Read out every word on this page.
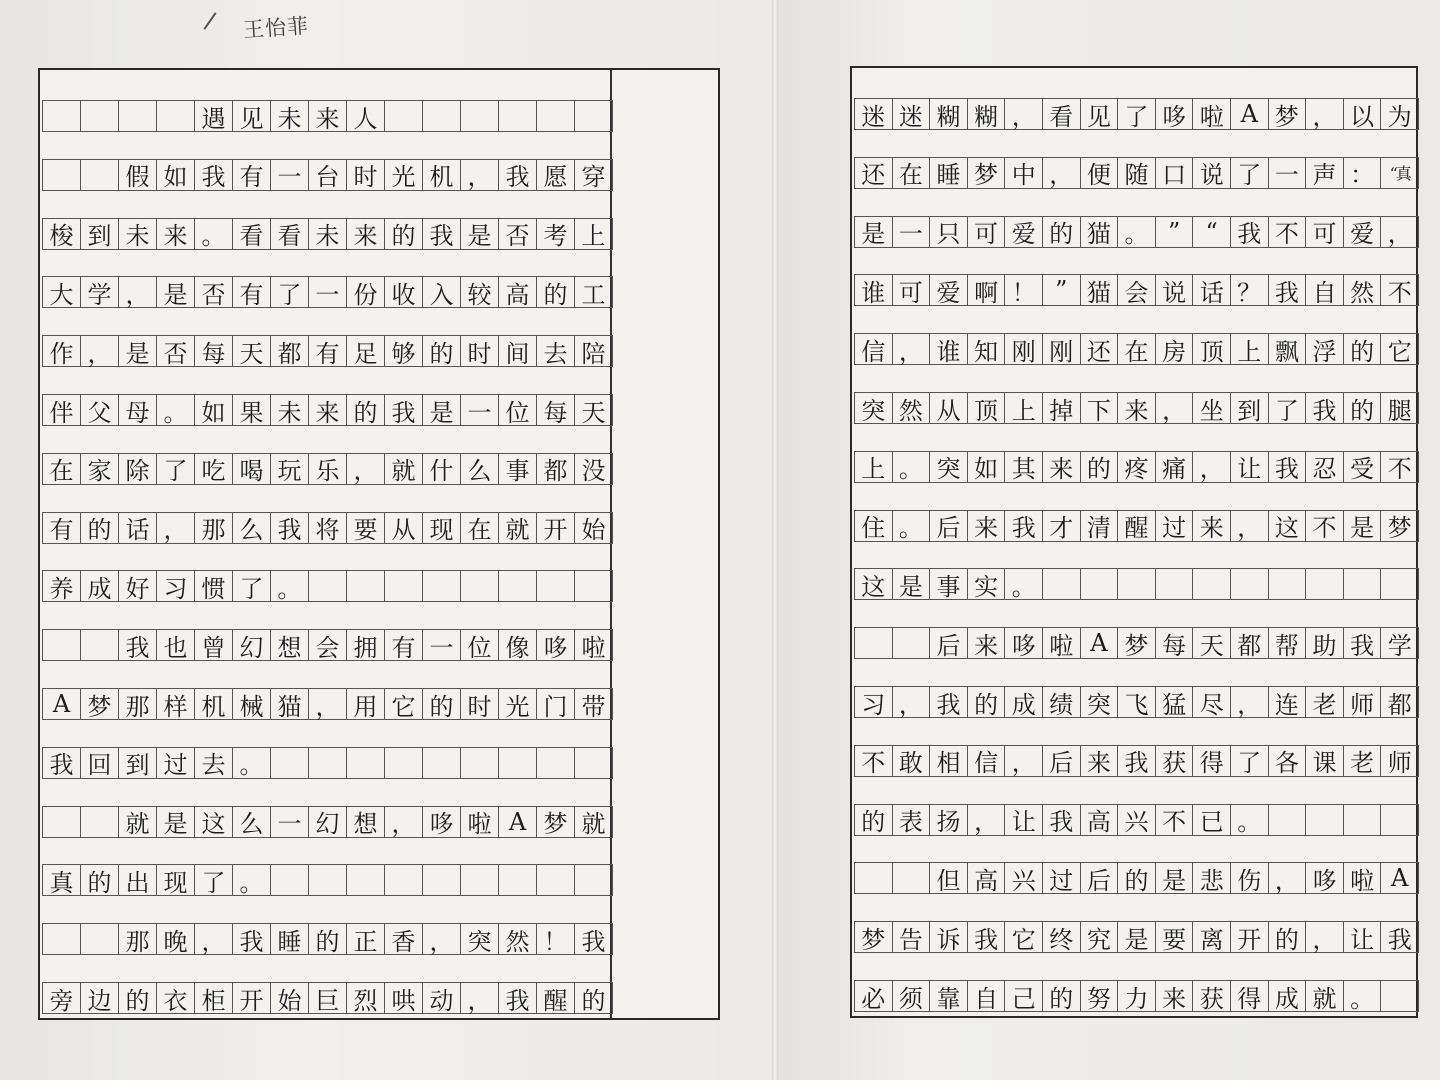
王怡菲
遇 见 未 来 人
假 如 我 有 一 台 时 光 机 ， 我 愿 穿
梭 到 未 来 。 看 看 未 来 的 我 是 否 考 上
大 学 ， 是 否 有 了 一 份 收 入 较 高 的 工
作 ， 是 否 每 天 都 有 足 够 的 时 间 去 陪
伴 父 母 。 如 果 未 来 的 我 是 一 位 每 天
在 家 除 了 吃 喝 玩 乐 ， 就 什 么 事 都 没
有 的 话 ， 那 么 我 将 要 从 现 在 就 开 始
养 成 好 习 惯 了 。
我 也 曾 幻 想 会 拥 有 一 位 像 哆 啦
A 梦 那 样 机 械 猫 ， 用 它 的 时 光 门 带
我 回 到 过 去 。
就 是 这 么 一 幻 想 ， 哆 啦 A 梦 就
真 的 出 现 了 。
那 晚 ， 我 睡 的 正 香 ， 突 然 ！ 我
旁 边 的 衣 柜 开 始 巨 烈 哄 动 ， 我 醒 的
迷 迷 糊 糊 ， 看 见 了 哆 啦 A 梦 ， 以 为
还 在 睡 梦 中 ， 便 随 口 说 了 一 声 ： “真
是 一 只 可 爱 的 猫 。 ”	“ 我 不 可 爱 ，
谁 可 爱 啊 ！ ” 猫 会 说 话 ？ 我 自 然 不
信 ， 谁 知 刚 刚 还 在 房 顶 上 飘 浮 的 它
突 然 从 顶 上 掉 下 来 ， 坐 到 了 我 的 腿
上 。 突 如 其 来 的 疼 痛 ， 让 我 忍 受 不
住 。 后 来 我 才 清 醒 过 来 ， 这 不 是 梦
这 是 事 实 。
后 来 哆 啦 A 梦 每 天 都 帮 助 我 学
习 ， 我 的 成 绩 突 飞 猛 尽 ， 连 老 师 都
不 敢 相 信 ， 后 来 我 获 得 了 各 课 老 师
的 表 扬 ， 让 我 高 兴 不 已 。
但 高 兴 过 后 的 是 悲 伤 ， 哆 啦 A
梦 告 诉 我 它 终 究 是 要 离 开 的 ， 让 我
必 须 靠 自 己 的 努 力 来 获 得 成 就 。
